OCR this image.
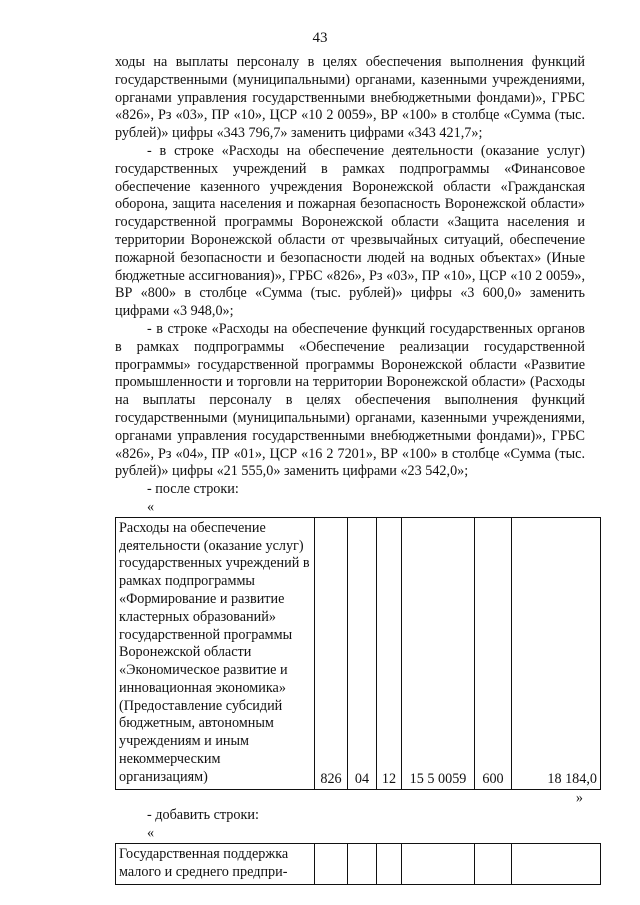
43

ходы на выплаты персоналу в целях обеспечения выполнения функций государственными (муниципальными) органами, казенными учреждениями, органами управления государственными внебюджетными фондами)», ГРБС «826», Рз «03», ПР «10», ЦСР «10 2 0059», ВР «100» в столбце «Сумма (тыс. рублей)» цифры «343 796,7» заменить цифрами «343 421,7»;

- в строке «Расходы на обеспечение деятельности (оказание услуг) государственных учреждений в рамках подпрограммы «Финансовое обеспечение казенного учреждения Воронежской области «Гражданская оборона, защита населения и пожарная безопасность Воронежской области» государственной программы Воронежской области «Защита населения и территории Воронежской области от чрезвычайных ситуаций, обеспечение пожарной безопасности и безопасности людей на водных объектах» (Иные бюджетные ассигнования)», ГРБС «826», Рз «03», ПР «10», ЦСР «10 2 0059», ВР «800» в столбце «Сумма (тыс. рублей)» цифры «3 600,0» заменить цифрами «3 948,0»;

- в строке «Расходы на обеспечение функций государственных органов в рамках подпрограммы «Обеспечение реализации государственной программы» государственной программы Воронежской области «Развитие промышленности и торговли на территории Воронежской области» (Расходы на выплаты персоналу в целях обеспечения выполнения функций государственными (муниципальными) органами, казенными учреждениями, органами управления государственными внебюджетными фондами)», ГРБС «826», Рз «04», ПР «01», ЦСР «16 2 7201», ВР «100» в столбце «Сумма (тыс. рублей)» цифры «21 555,0» заменить цифрами «23 542,0»;

- после строки:

«

Расходы на обеспечение деятельности (оказание услуг) государственных учреждений в рамках подпрограммы «Формирование и развитие кластерных образований» государственной программы Воронежской области «Экономическое развитие и инновационная экономика» (Предоставление субсидий бюджетным, автономным учреждениям и иным некоммерческим организациям)	826	04	12	15 5 0059	600	18 184,0

»

- добавить строки:

«

Государственная поддержка малого и среднего предпри-						
